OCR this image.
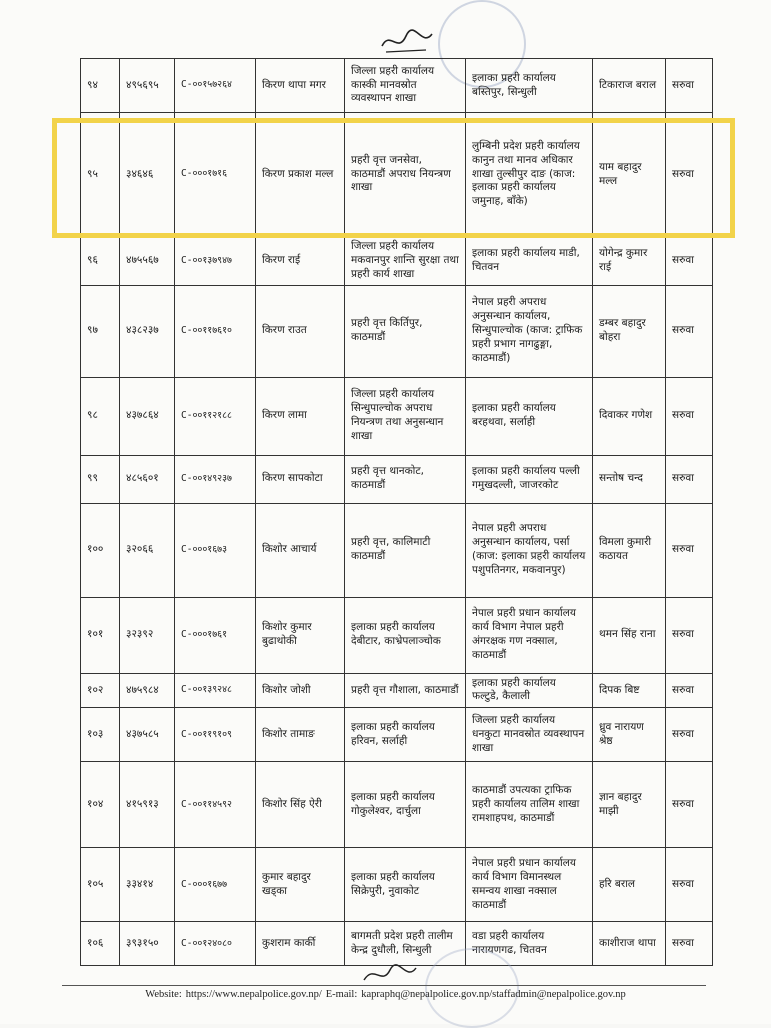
९४	४९५६९५	C-००१५७२६४	किरण थापा मगर	जिल्ला प्रहरी कार्यालय कास्की मानवस्रोत व्यवस्थापन शाखा	इलाका प्रहरी कार्यालय बस्तिपुर, सिन्धुली	टिकाराज बराल	सरुवा
९५	३४६४६	C-०००१७१६	किरण प्रकाश मल्ल	प्रहरी वृत्त जनसेवा, काठमाडौं अपराध नियन्त्रण शाखा	लुम्बिनी प्रदेश प्रहरी कार्यालय कानुन तथा मानव अधिकार शाखा तुल्सीपुर दाङ (काज: इलाका प्रहरी कार्यालय जमुनाह, बाँके)	याम बहादुर मल्ल	सरुवा
९६	४७५५६७	C-००१३७९४७	किरण राई	जिल्ला प्रहरी कार्यालय मकवानपुर शान्ति सुरक्षा तथा प्रहरी कार्य शाखा	इलाका प्रहरी कार्यालय माडी, चितवन	योगेन्द्र कुमार राई	सरुवा
९७	४३८२३७	C-००११७६१०	किरण राउत	प्रहरी वृत्त किर्तिपुर, काठमाडौं	नेपाल प्रहरी अपराध अनुसन्धान कार्यालय, सिन्धुपाल्चोक (काज: ट्राफिक प्रहरी प्रभाग नागढुङ्गा, काठमाडौं)	डम्बर बहादुर बोहरा	सरुवा
९८	४३७८६४	C-००११२१८८	किरण लामा	जिल्ला प्रहरी कार्यालय सिन्धुपाल्चोक अपराध नियन्त्रण तथा अनुसन्धान शाखा	इलाका प्रहरी कार्यालय बरहथवा, सर्लाही	दिवाकर गणेश	सरुवा
९९	४८५६०१	C-००१४९२३७	किरण सापकोटा	प्रहरी वृत्त थानकोट, काठमाडौं	इलाका प्रहरी कार्यालय पल्ली गमुखदल्ली, जाजरकोट	सन्तोष चन्द	सरुवा
१००	३२०६६	C-०००१६७३	किशोर आचार्य	प्रहरी वृत्त, कालिमाटी काठमाडौं	नेपाल प्रहरी अपराध अनुसन्धान कार्यालय, पर्सा (काज: इलाका प्रहरी कार्यालय पशुपतिनगर, मकवानपुर)	विमला कुमारी कठायत	सरुवा
१०१	३२३९२	C-०००१७६१	किशोर कुमार बुढाथोकी	इलाका प्रहरी कार्यालय देबीटार, काभ्रेपलाञ्चोक	नेपाल प्रहरी प्रधान कार्यालय कार्य विभाग नेपाल प्रहरी अंगरक्षक गण नक्साल, काठमाडौं	थमन सिंह राना	सरुवा
१०२	४७५९८४	C-००१३९२४८	किशोर जोशी	प्रहरी वृत्त गौशाला, काठमाडौं	इलाका प्रहरी कार्यालय फल्टुडे, कैलाली	दिपक बिष्ट	सरुवा
१०३	४३७५८५	C-००११९१०९	किशोर तामाङ	इलाका प्रहरी कार्यालय हरिवन, सर्लाही	जिल्ला प्रहरी कार्यालय धनकुटा मानवस्रोत व्यवस्थापन शाखा	ध्रुव नारायण श्रेष्ठ	सरुवा
१०४	४१५९१३	C-००११४५९२	किशोर सिंह ऐरी	इलाका प्रहरी कार्यालय गोकुलेश्वर, दार्चुला	काठमाडौं उपत्यका ट्राफिक प्रहरी कार्यालय तालिम शाखा रामशाहपथ, काठमाडौं	ज्ञान बहादुर माझी	सरुवा
१०५	३३४१४	C-०००१६७७	कुमार बहादुर खड्का	इलाका प्रहरी कार्यालय सिक्रेपुरी, नुवाकोट	नेपाल प्रहरी प्रधान कार्यालय कार्य विभाग विमानस्थल समन्वय शाखा नक्साल काठमाडौं	हरि बराल	सरुवा
१०६	३९३१५०	C-००१२४०८०	कुशराम कार्की	बागमती प्रदेश प्रहरी तालीम केन्द्र दुधौली, सिन्धुली	वडा प्रहरी कार्यालय नारायणगढ, चितवन	काशीराज थापा	सरुवा
Website: https://www.nepalpolice.gov.np/ E-mail: kapraphq@nepalpolice.gov.np/staffadmin@nepalpolice.gov.np
